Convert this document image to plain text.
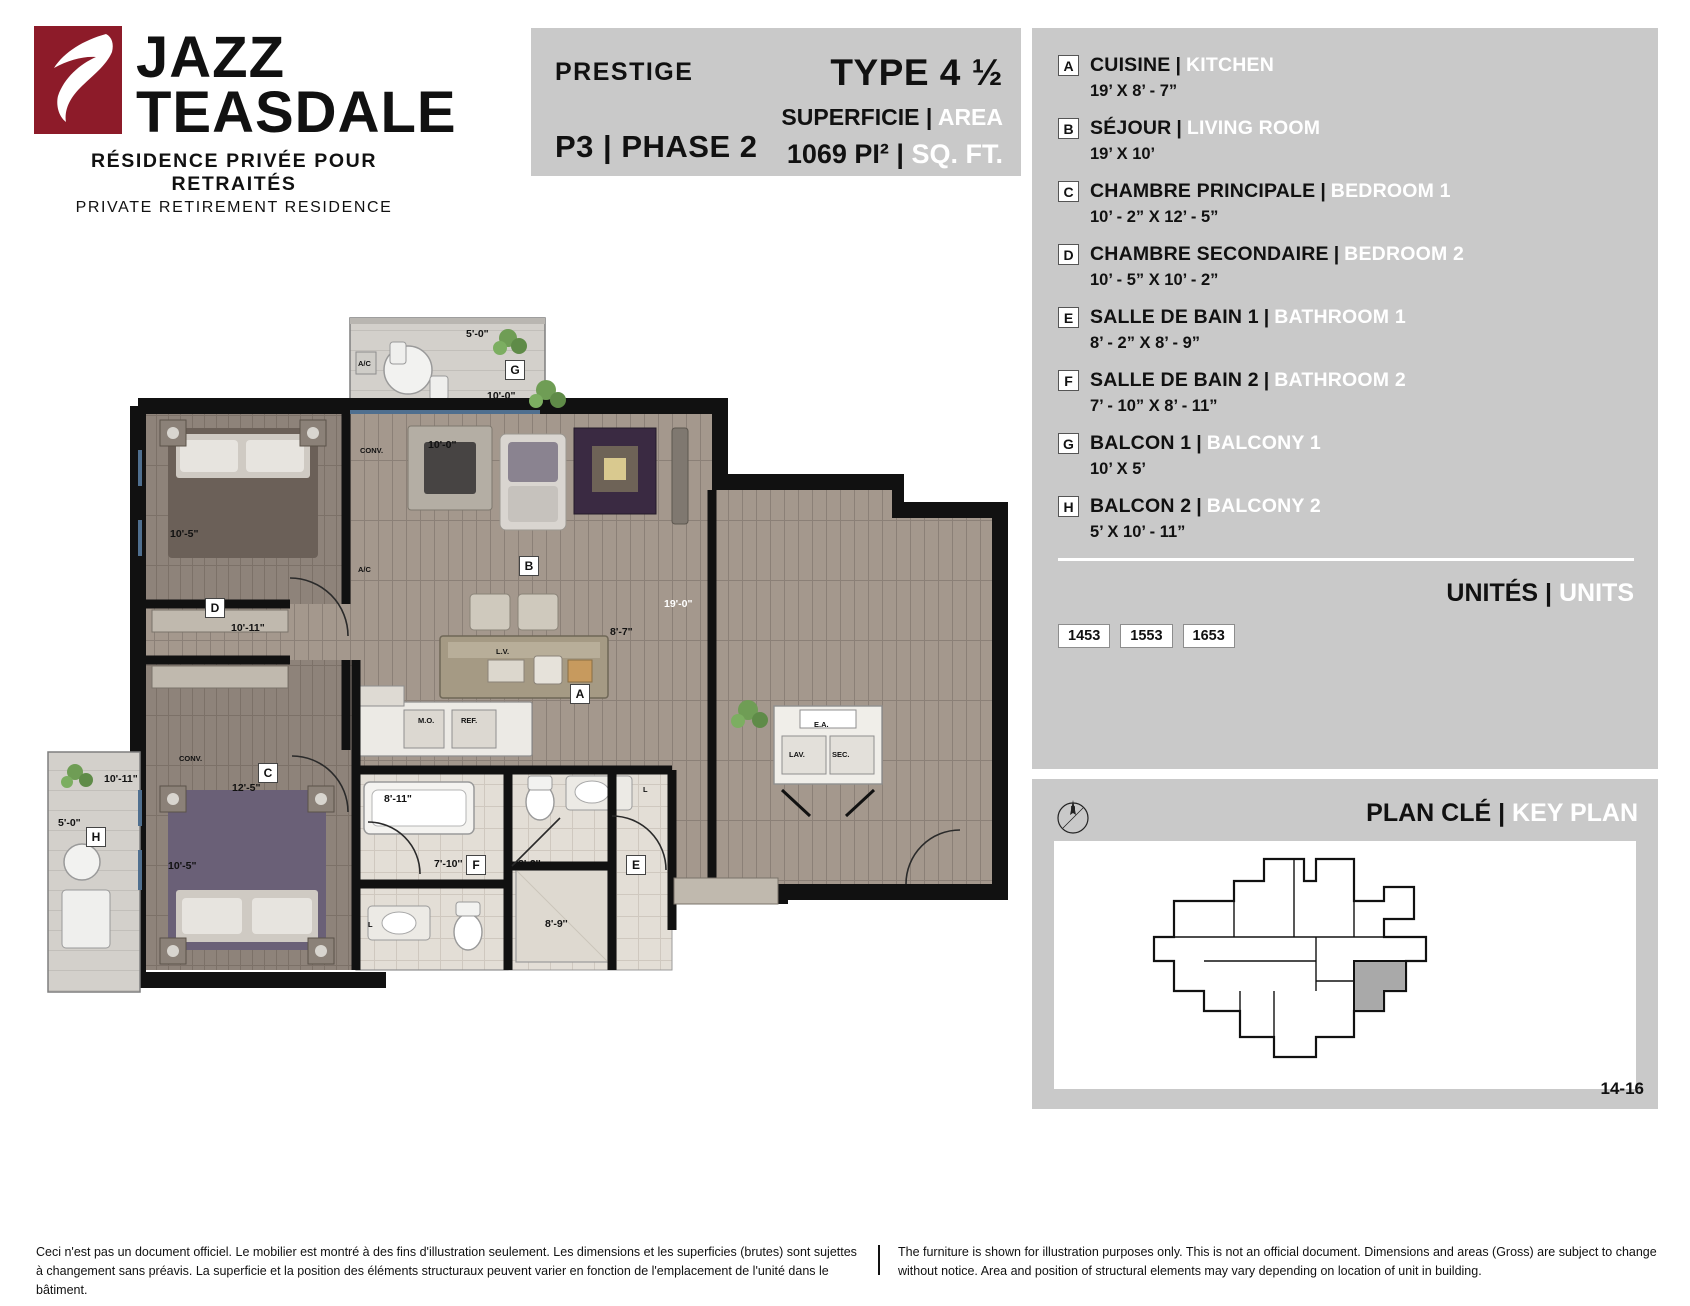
JAZZ
TEASDALE
RÉSIDENCE PRIVÉE POUR RETRAITÉS
PRIVATE RETIREMENT RESIDENCE
PRESTIGE
P3 | PHASE 2
TYPE 4 ½
SUPERFICIE | AREA
1069 PI² | SQ. FT.
A CUISINE | KITCHEN
19’ X 8’ - 7”
B SÉJOUR | LIVING ROOM
19’ X 10’
C CHAMBRE PRINCIPALE | BEDROOM 1
10’ - 2” X 12’ - 5”
D CHAMBRE SECONDAIRE | BEDROOM 2
10’ - 5” X 10’ - 2”
E SALLE DE BAIN 1 | BATHROOM 1
8’ - 2” X 8’ - 9”
F SALLE DE BAIN 2 | BATHROOM 2
7’ - 10” X 8’ - 11”
G BALCON 1 | BALCONY 1
10’ X 5’
H BALCON 2 | BALCONY 2
5’ X 10’ - 11”
UNITÉS | UNITS
1453	1553	1653
N	PLAN CLÉ | KEY PLAN
14-16
B
A
D
C
E
F
G
H
5'-0"
10'-0"
10'-0"
10'-5"
10'-11"
12'-5"
10'-5"
10'-11"
5'-0"
19'-0"
8'-7"
8'-11"
7'-10''	8'-2''
8'-9''
A/C
CONV.
A/C
CONV.
L.V.
M.O.	REF.	E.A.
LAV.	SEC.
L
L
Ceci n'est pas un document officiel. Le mobilier est montré à des fins d'illustration seulement. Les dimensions et les superficies (brutes) sont sujettes à changement sans préavis. La superficie et la position des éléments structuraux peuvent varier en fonction de l'emplacement de l'unité dans le bâtiment.
The furniture is shown for illustration purposes only. This is not an official document. Dimensions and areas (Gross) are subject to change without notice. Area and position of structural elements may vary depending on location of unit in building.
